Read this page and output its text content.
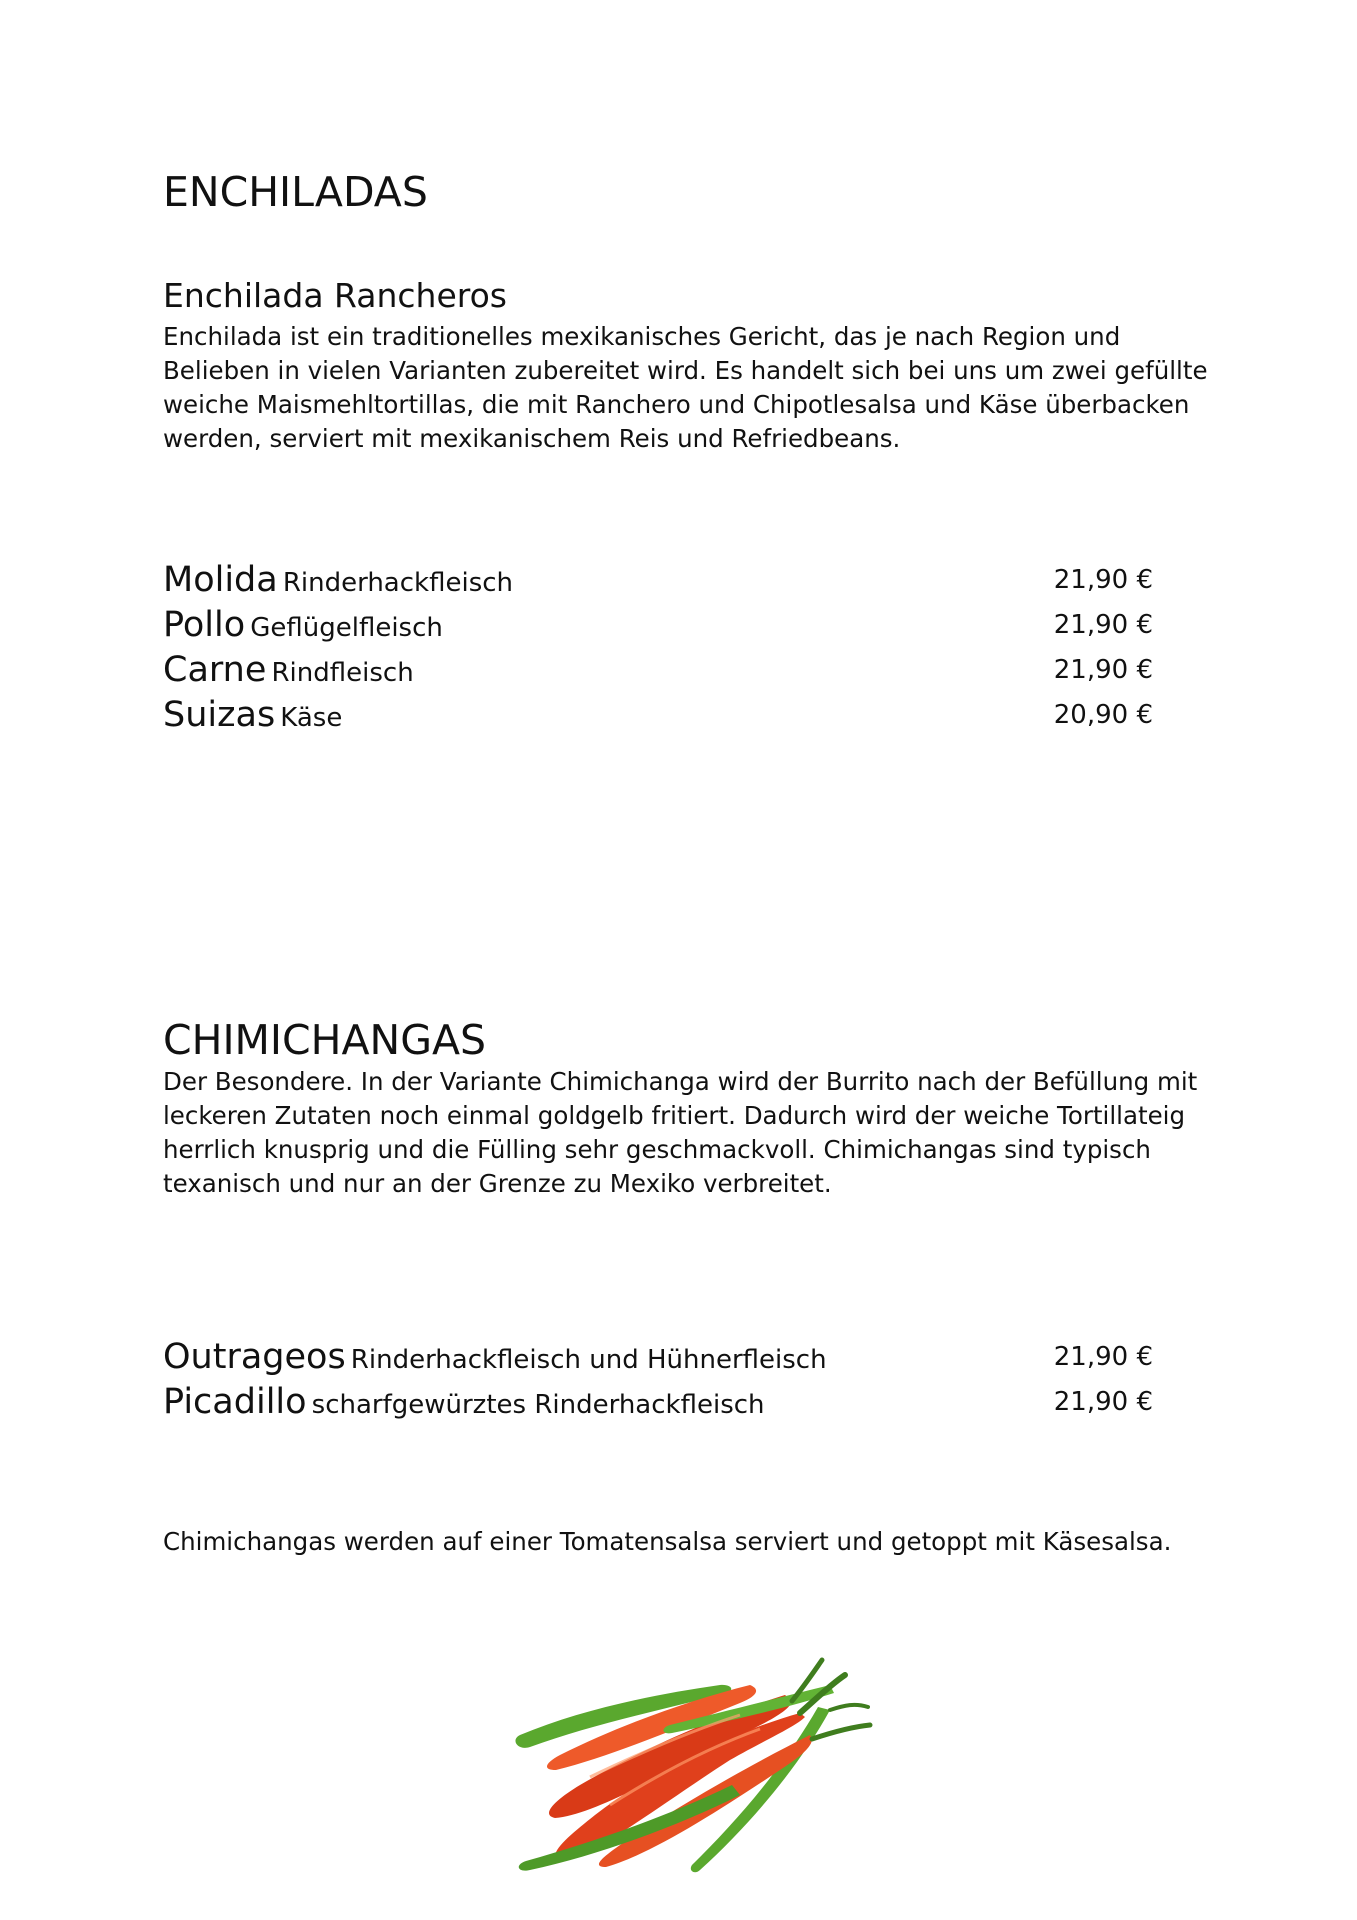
ENCHILADAS
Enchilada Rancheros

Enchilada ist ein traditionelles mexikanisches Gericht, das je nach Region und Belieben in vielen Varianten zubereitet wird. Es handelt sich bei uns um zwei gefüllte weiche Maismehltortillas, die mit Ranchero und Chipotlesalsa und Käse überbacken werden, serviert mit mexikanischem Reis und Refriedbeans.

Molida Rinderhackfleisch	21,90 €
Pollo Geflügelfleisch	21,90 €
Carne Rindfleisch	21,90 €
Suizas Käse	20,90 €
CHIMICHANGAS

Der Besondere. In der Variante Chimichanga wird der Burrito nach der Befüllung mit leckeren Zutaten noch einmal goldgelb fritiert. Dadurch wird der weiche Tortillateig herrlich knusprig und die Fülling sehr geschmackvoll. Chimichangas sind typisch texanisch und nur an der Grenze zu Mexiko verbreitet.

Outrageos Rinderhackfleisch und Hühnerfleisch	21,90 €
Picadillo scharfgewürztes Rinderhackfleisch	21,90 €

Chimichangas werden auf einer Tomatensalsa serviert und getoppt mit Käsesalsa.
